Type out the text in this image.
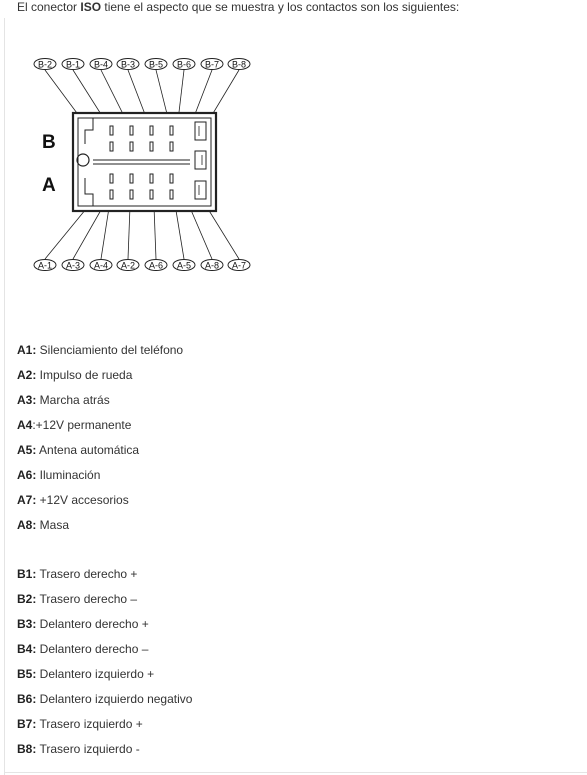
El conector ISO tiene el aspecto que se muestra y los contactos son los siguientes:
B-2 B-1 B-4 B-3 B-5 B-6 B-7 B-8
A-1 A-3 A-4 A-2 A-6 A-5 A-8 A-7
B
A
A1: Silenciamiento del teléfono
A2: Impulso de rueda
A3: Marcha atrás
A4:+12V permanente
A5: Antena automática
A6: Iluminación
A7: +12V accesorios
A8: Masa
B1: Trasero derecho +
B2: Trasero derecho –
B3: Delantero derecho +
B4: Delantero derecho –
B5: Delantero izquierdo +
B6: Delantero izquierdo negativo
B7: Trasero izquierdo +
B8: Trasero izquierdo -
